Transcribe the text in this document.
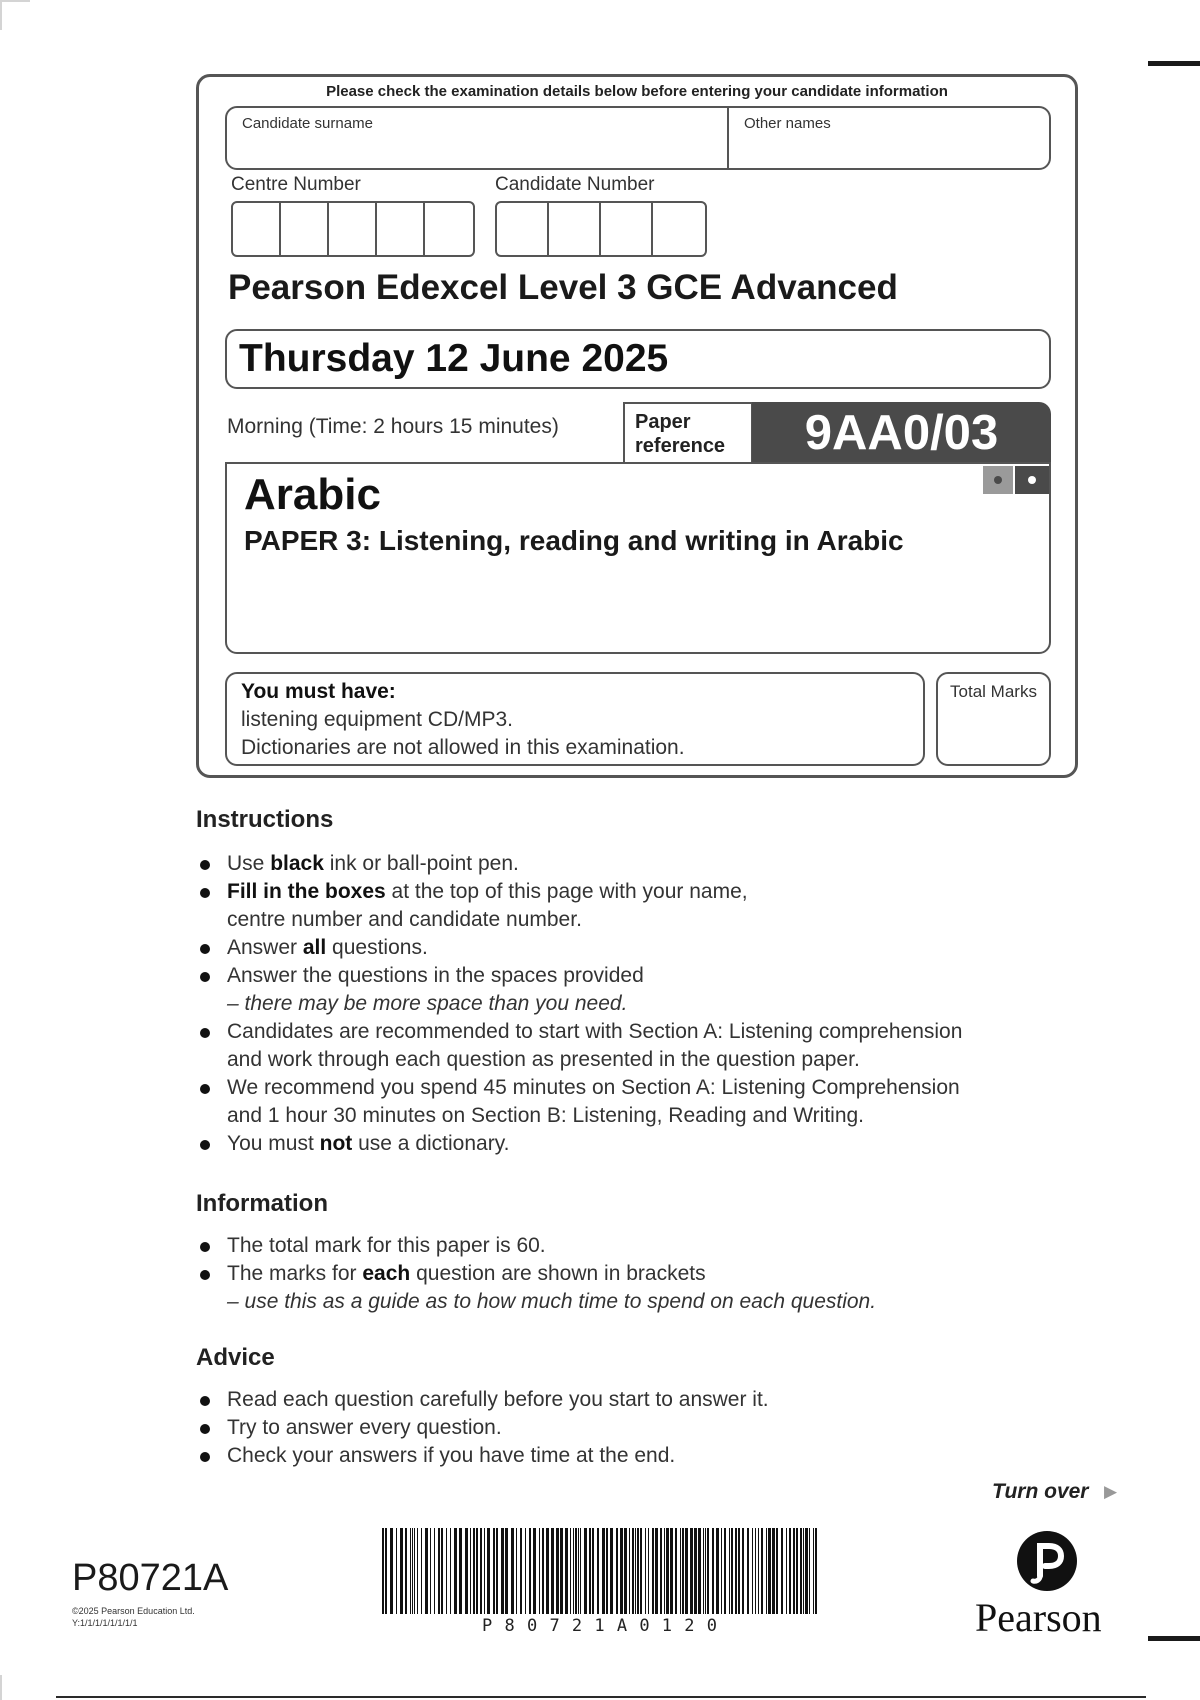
Please check the examination details below before entering your candidate information
Candidate surname	Other names
Centre Number	Candidate Number
Pearson Edexcel Level 3 GCE Advanced
Thursday 12 June 2025
Morning (Time: 2 hours 15 minutes)	Paper
reference	9AA0/03
Arabic
PAPER 3: Listening, reading and writing in Arabic
You must have:
listening equipment CD/MP3.
Dictionaries are not allowed in this examination.
Total Marks
Instructions
Use black ink or ball-point pen.
Fill in the boxes at the top of this page with your name,
centre number and candidate number.
Answer all questions.
Answer the questions in the spaces provided
– there may be more space than you need.
Candidates are recommended to start with Section A: Listening comprehension
and work through each question as presented in the question paper.
We recommend you spend 45 minutes on Section A: Listening Comprehension
and 1 hour 30 minutes on Section B: Listening, Reading and Writing.
You must not use a dictionary.
Information
The total mark for this paper is 60.
The marks for each question are shown in brackets
– use this as a guide as to how much time to spend on each question.
Advice
Read each question carefully before you start to answer it.
Try to answer every question.
Check your answers if you have time at the end.
Turn over ▶
P80721A
©2025 Pearson Education Ltd.
Y:1/1/1/1/1/1/1/1	P 8 0 7 2 1 A 0 1 2 0	Pearson
